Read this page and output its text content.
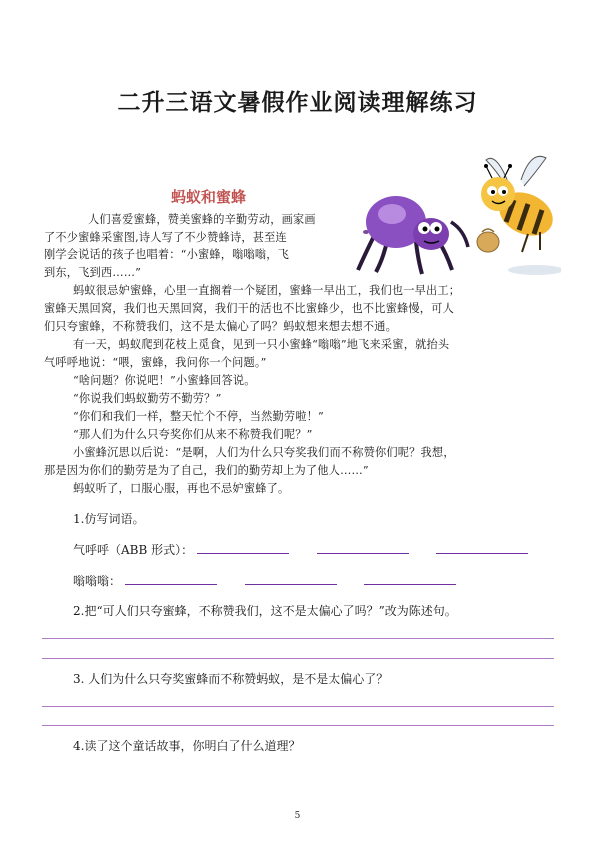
二升三语文暑假作业阅读理解练习
蚂蚁和蜜蜂
人们喜爱蜜蜂，赞美蜜蜂的辛勤劳动，画家画
了不少蜜蜂采蜜图,诗人写了不少赞蜂诗，甚至连
刚学会说话的孩子也唱着：“小蜜蜂，嗡嗡嗡，飞
到东，飞到西……”
蚂蚁很忌妒蜜蜂，心里一直搁着一个疑团，蜜蜂一早出工，我们也一早出工；
蜜蜂天黑回窝，我们也天黑回窝，我们干的活也不比蜜蜂少，也不比蜜蜂慢，可人
们只夸蜜蜂，不称赞我们，这不是太偏心了吗？蚂蚁想来想去想不通。
有一天，蚂蚁爬到花枝上觅食，见到一只小蜜蜂“嗡嗡”地飞来采蜜，就抬头
气呼呼地说：“喂，蜜蜂，我问你一个问题。”
“啥问题？你说吧！”小蜜蜂回答说。
“你说我们蚂蚁勤劳不勤劳？”
“你们和我们一样，整天忙个不停，当然勤劳啦！”
“那人们为什么只夸奖你们从来不称赞我们呢？”
小蜜蜂沉思以后说：“是啊，人们为什么只夸奖我们而不称赞你们呢？我想，
那是因为你们的勤劳是为了自己，我们的勤劳却上为了他人……”
蚂蚁听了，口服心服，再也不忌妒蜜蜂了。
1.仿写词语。
气呼呼（ABB 形式）：
嗡嗡嗡：
2.把“可人们只夸蜜蜂，不称赞我们，这不是太偏心了吗？”改为陈述句。
3. 人们为什么只夸奖蜜蜂而不称赞蚂蚁，是不是太偏心了？
4.读了这个童话故事，你明白了什么道理？
5
